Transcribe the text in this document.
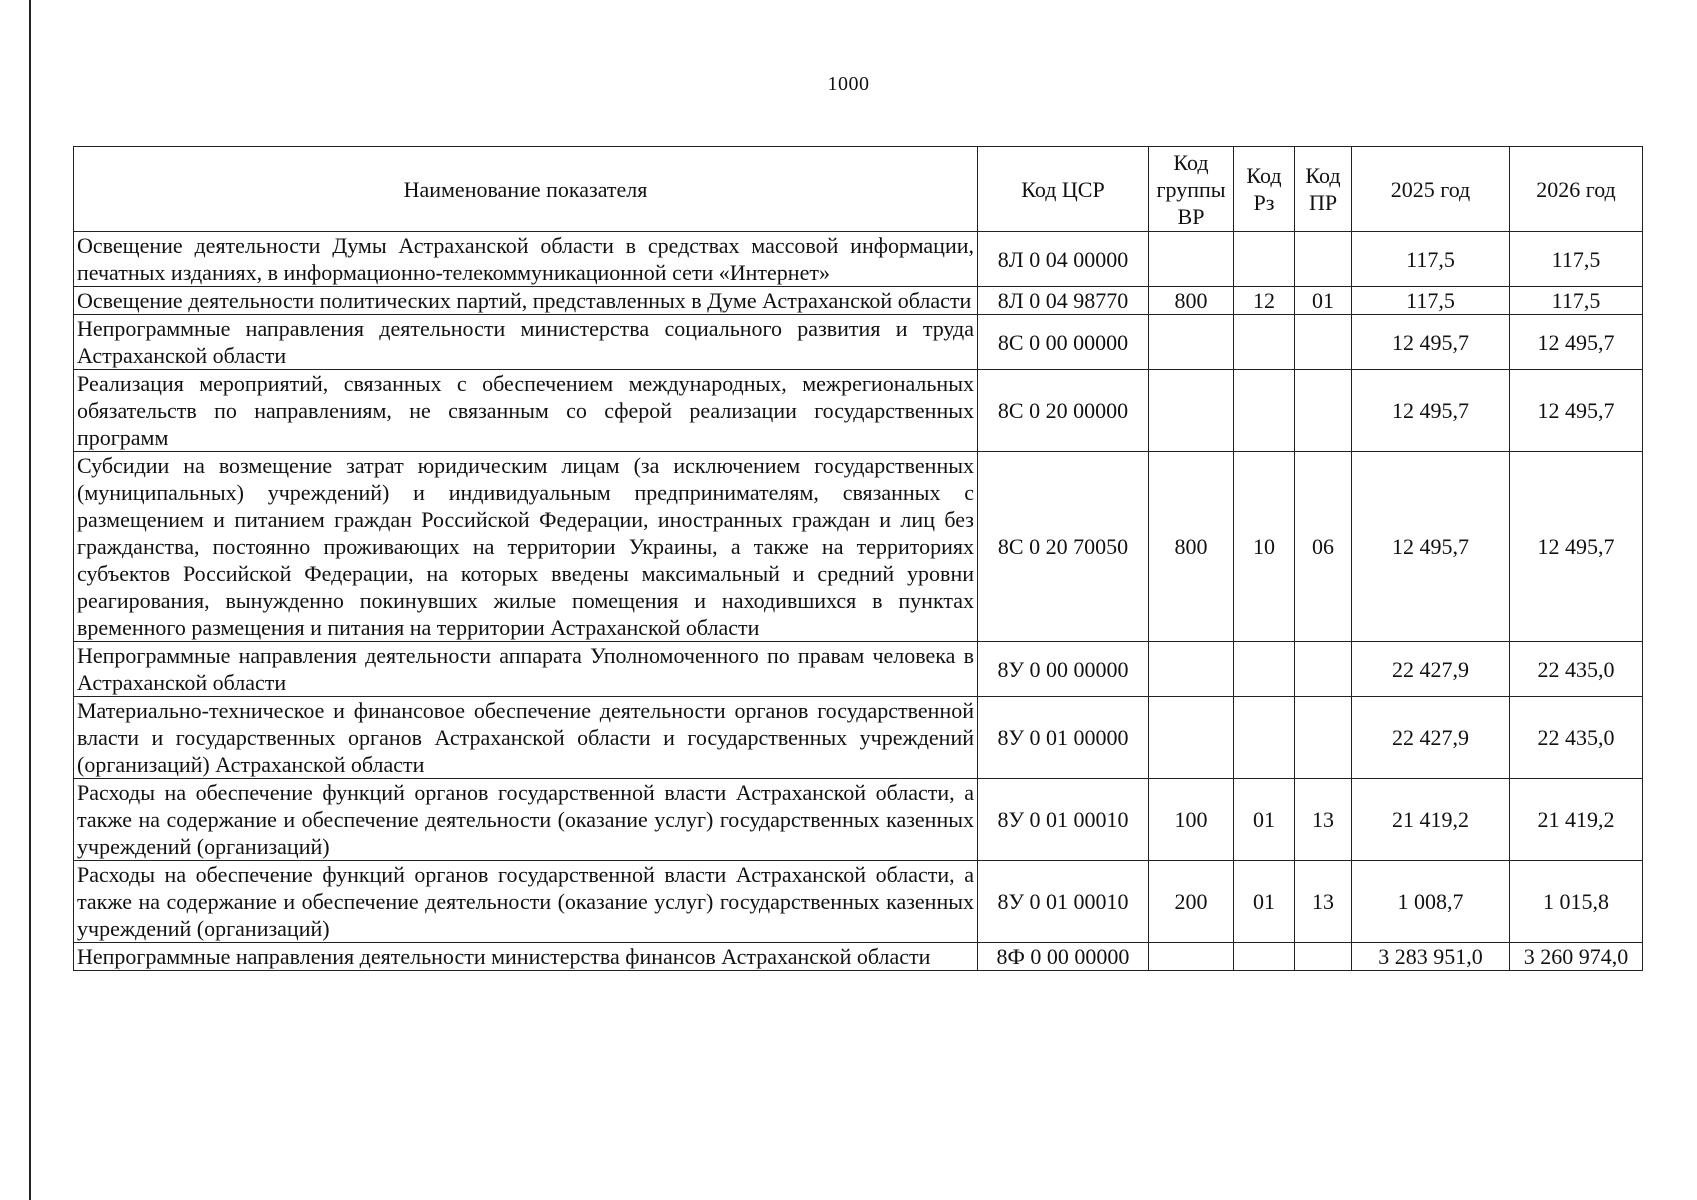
1000
Наименование показателя	Код ЦСР	Код группы ВР	Код Рз	Код ПР	2025 год	2026 год
Освещение деятельности Думы Астраханской области в средствах массовой информации, печатных изданиях, в информационно-телекоммуникационной сети «Интернет»	8Л 0 04 00000				117,5	117,5
Освещение деятельности политических партий, представленных в Думе Астраханской области	8Л 0 04 98770	800	12	01	117,5	117,5
Непрограммные направления деятельности министерства социального развития и труда Астраханской области	8С 0 00 00000				12 495,7	12 495,7
Реализация мероприятий, связанных с обеспечением международных, межрегиональных обязательств по направлениям, не связанным со сферой реализации государственных программ	8С 0 20 00000				12 495,7	12 495,7
Субсидии на возмещение затрат юридическим лицам (за исключением государственных (муниципальных) учреждений) и индивидуальным предпринимателям, связанных с размещением и питанием граждан Российской Федерации, иностранных граждан и лиц без гражданства, постоянно проживающих на территории Украины, а также на территориях субъектов Российской Федерации, на которых введены максимальный и средний уровни реагирования, вынужденно покинувших жилые помещения и находившихся в пунктах временного размещения и питания на территории Астраханской области	8С 0 20 70050	800	10	06	12 495,7	12 495,7
Непрограммные направления деятельности аппарата Уполномоченного по правам человека в Астраханской области	8У 0 00 00000				22 427,9	22 435,0
Материально-техническое и финансовое обеспечение деятельности органов государственной власти и государственных органов Астраханской области и государственных учреждений (организаций) Астраханской области	8У 0 01 00000				22 427,9	22 435,0
Расходы на обеспечение функций органов государственной власти Астраханской области, а также на содержание и обеспечение деятельности (оказание услуг) государственных казенных учреждений (организаций)	8У 0 01 00010	100	01	13	21 419,2	21 419,2
Расходы на обеспечение функций органов государственной власти Астраханской области, а также на содержание и обеспечение деятельности (оказание услуг) государственных казенных учреждений (организаций)	8У 0 01 00010	200	01	13	1 008,7	1 015,8
Непрограммные направления деятельности министерства финансов Астраханской области	8Ф 0 00 00000				3 283 951,0	3 260 974,0
